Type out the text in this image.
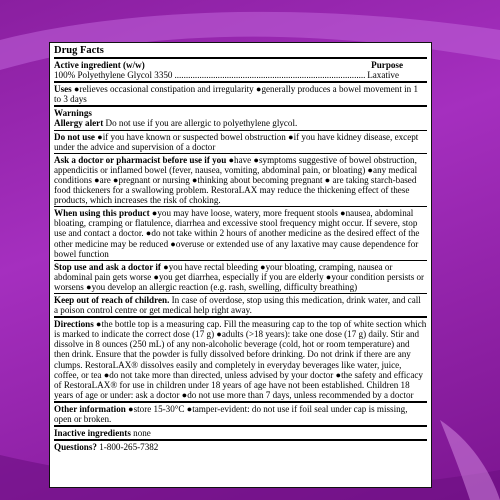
Drug Facts
Active ingredient (w/w)	Purpose
100% Polyethylene Glycol 3350
.....	Laxative

Uses ●relieves occasional constipation and irregularity ●generally produces a bowel movement in 1 to 3 days

Warnings

Allergy alert Do not use if you are allergic to polyethylene glycol.

Do not use ●if you have known or suspected bowel obstruction ●if you have kidney disease, except under the advice and supervision of a doctor

Ask a doctor or pharmacist before use if you ●have ●symptoms suggestive of bowel obstruction, appendicitis or inflamed bowel (fever, nausea, vomiting, abdominal pain, or bloating) ●any medical conditions ●are ●pregnant or nursing ●thinking about becoming pregnant ● are taking starch-based food thickeners for a swallowing problem. RestoraLAX may reduce the thickening effect of these products, which increases the risk of choking.

When using this product ●you may have loose, watery, more frequent stools ●nausea, abdominal bloating, cramping or flatulence, diarrhea and excessive stool frequency might occur. If severe, stop use and contact a doctor. ●do not take within 2 hours of another medicine as the desired effect of the other medicine may be reduced ●overuse or extended use of any laxative may cause dependence for bowel function

Stop use and ask a doctor if ●you have rectal bleeding ●your bloating, cramping, nausea or abdominal pain gets worse ●you get diarrhea, especially if you are elderly ●your condition persists or worsens ●you develop an allergic reaction (e.g. rash, swelling, difficulty breathing)

Keep out of reach of children. In case of overdose, stop using this medication, drink water, and call a poison control centre or get medical help right away.

Directions ●the bottle top is a measuring cap. Fill the measuring cap to the top of white section which is marked to indicate the correct dose (17 g) ●adults (>18 years): take one dose (17 g) daily. Stir and dissolve in 8 ounces (250 mL) of any non-alcoholic beverage (cold, hot or room temperature) and then drink. Ensure that the powder is fully dissolved before drinking. Do not drink if there are any clumps. RestoraLAX® dissolves easily and completely in everyday beverages like water, juice, coffee, or tea ●do not take more than directed, unless advised by your doctor ●the safety and efficacy of RestoraLAX® for use in children under 18 years of age have not been established. Children 18 years of age or under: ask a doctor ●do not use more than 7 days, unless recommended by a doctor

Other information ●store 15-30°C ●tamper-evident: do not use if foil seal under cap is missing, open or broken.

Inactive ingredients none

Questions? 1-800-265-7382
